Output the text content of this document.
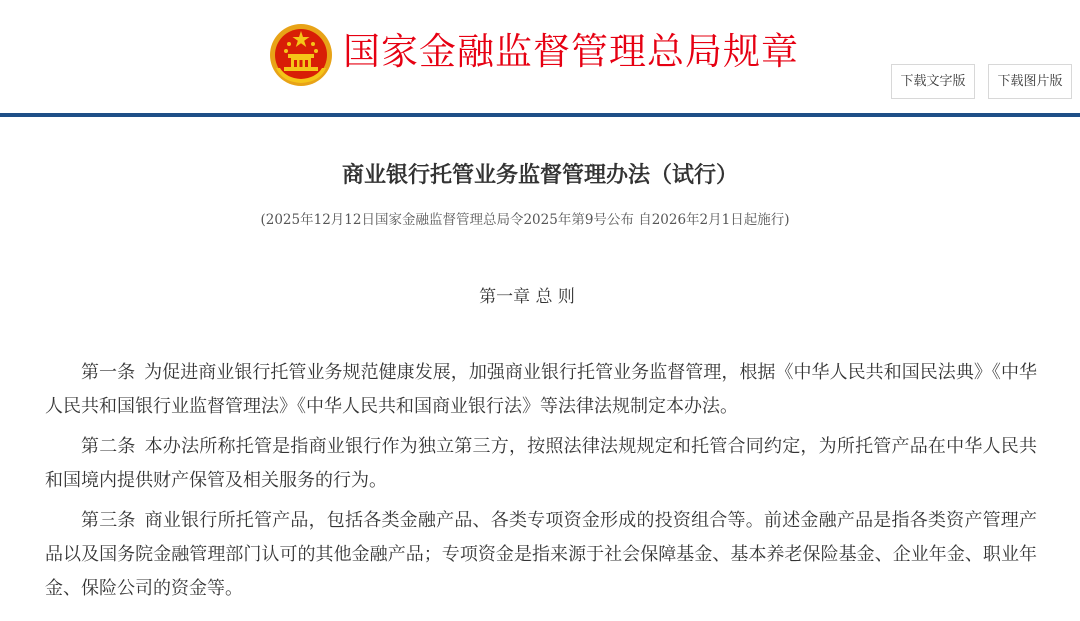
国家金融监督管理总局规章
下载文字版	下载图片版
商业银行托管业务监督管理办法（试行）
(2025年12月12日国家金融监督管理总局令2025年第9号公布 自2026年2月1日起施行)
第一章 总 则

第一条 为促进商业银行托管业务规范健康发展，加强商业银行托管业务监督管理，根据《中华人民共和国民法典》《中华人民共和国银行业监督管理法》《中华人民共和国商业银行法》等法律法规制定本办法。

第二条 本办法所称托管是指商业银行作为独立第三方，按照法律法规规定和托管合同约定，为所托管产品在中华人民共和国境内提供财产保管及相关服务的行为。

第三条 商业银行所托管产品，包括各类金融产品、各类专项资金形成的投资组合等。前述金融产品是指各类资产管理产品以及国务院金融管理部门认可的其他金融产品；专项资金是指来源于社会保障基金、基本养老保险基金、企业年金、职业年金、保险公司的资金等。
